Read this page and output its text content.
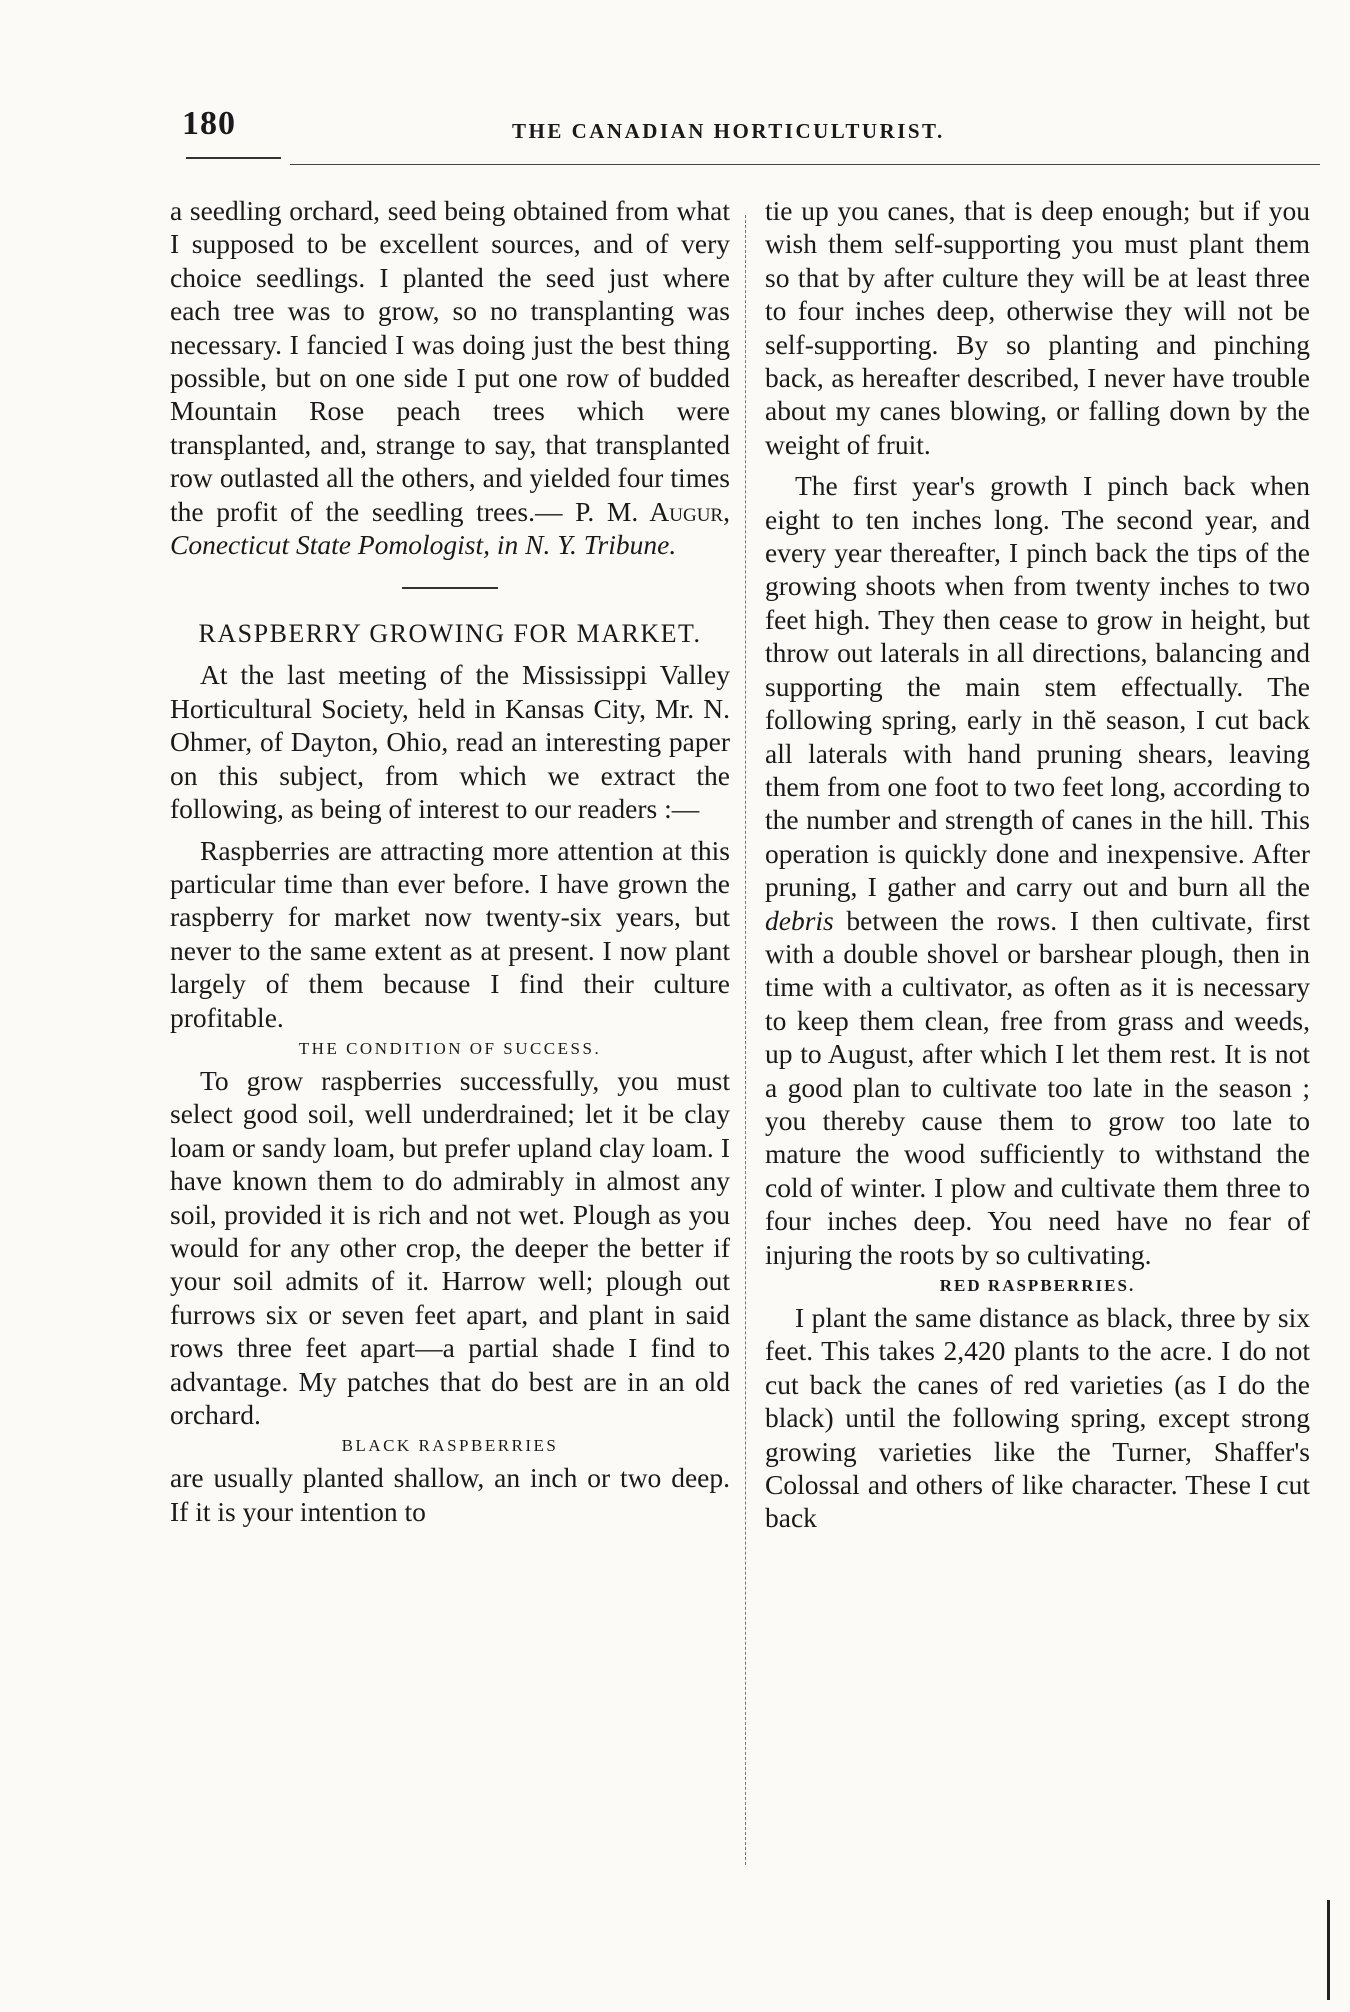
180	THE CANADIAN HORTICULTURIST.

a seedling orchard, seed being obtained from what I supposed to be excellent sources, and of very choice seedlings. I planted the seed just where each tree was to grow, so no transplanting was necessary. I fancied I was doing just the best thing possible, but on one side I put one row of budded Mountain Rose peach trees which were transplanted, and, strange to say, that transplanted row outlasted all the others, and yielded four times the profit of the seedling trees.— P. M. Augur, Conecticut State Pomologist, in N. Y. Tribune.

RASPBERRY GROWING FOR MARKET.

At the last meeting of the Mississippi Valley Horticultural Society, held in Kansas City, Mr. N. Ohmer, of Dayton, Ohio, read an interesting paper on this subject, from which we extract the following, as being of interest to our readers :—

Raspberries are attracting more attention at this particular time than ever before. I have grown the raspberry for market now twenty-six years, but never to the same extent as at present. I now plant largely of them because I find their culture profitable.

THE CONDITION OF SUCCESS.

To grow raspberries successfully, you must select good soil, well underdrained; let it be clay loam or sandy loam, but prefer upland clay loam. I have known them to do admirably in almost any soil, provided it is rich and not wet. Plough as you would for any other crop, the deeper the better if your soil admits of it. Harrow well; plough out furrows six or seven feet apart, and plant in said rows three feet apart—a partial shade I find to advantage. My patches that do best are in an old orchard.

BLACK RASPBERRIES

are usually planted shallow, an inch or two deep. If it is your intention to

tie up you canes, that is deep enough; but if you wish them self-supporting you must plant them so that by after culture they will be at least three to four inches deep, otherwise they will not be self-supporting. By so planting and pinching back, as hereafter described, I never have trouble about my canes blowing, or falling down by the weight of fruit.

The first year's growth I pinch back when eight to ten inches long. The second year, and every year thereafter, I pinch back the tips of the growing shoots when from twenty inches to two feet high. They then cease to grow in height, but throw out laterals in all directions, balancing and supporting the main stem effectually. The following spring, early in thĕ season, I cut back all laterals with hand pruning shears, leaving them from one foot to two feet long, according to the number and strength of canes in the hill. This operation is quickly done and inexpensive. After pruning, I gather and carry out and burn all the debris between the rows. I then cultivate, first with a double shovel or barshear plough, then in time with a cultivator, as often as it is necessary to keep them clean, free from grass and weeds, up to August, after which I let them rest. It is not a good plan to cultivate too late in the season ; you thereby cause them to grow too late to mature the wood sufficiently to withstand the cold of winter. I plow and cultivate them three to four inches deep. You need have no fear of injuring the roots by so cultivating.

RED RASPBERRIES.

I plant the same distance as black, three by six feet. This takes 2,420 plants to the acre. I do not cut back the canes of red varieties (as I do the black) until the following spring, except strong growing varieties like the Turner, Shaffer's Colossal and others of like character. These I cut back
